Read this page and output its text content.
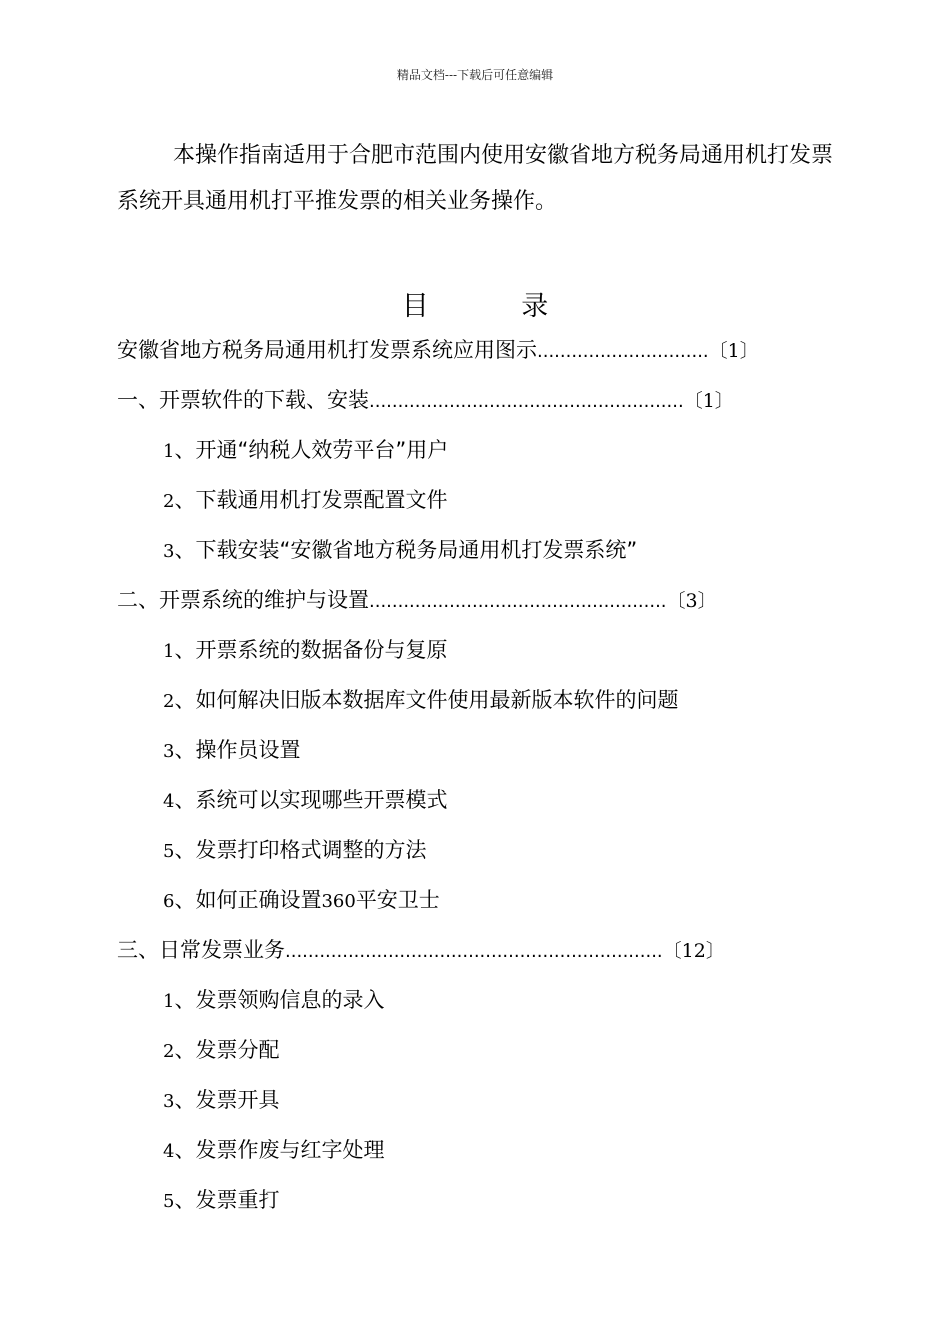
精品文档---下载后可任意编辑

本操作指南适用于合肥市范围内使用安徽省地方税务局通用机打发票系统开具通用机打平推发票的相关业务操作。

目 录
安徽省地方税务局通用机打发票系统应用图示..............................〔1〕
一、开票软件的下载、安装.......................................................〔1〕
1、开通“纳税人效劳平台”用户
2、下载通用机打发票配置文件
3、下载安装“安徽省地方税务局通用机打发票系统”
二、开票系统的维护与设置....................................................〔3〕
1、开票系统的数据备份与复原
2、如何解决旧版本数据库文件使用最新版本软件的问题
3、操作员设置
4、系统可以实现哪些开票模式
5、发票打印格式调整的方法
6、如何正确设置360平安卫士
三、日常发票业务..................................................................〔12〕
1、发票领购信息的录入
2、发票分配
3、发票开具
4、发票作废与红字处理
5、发票重打
